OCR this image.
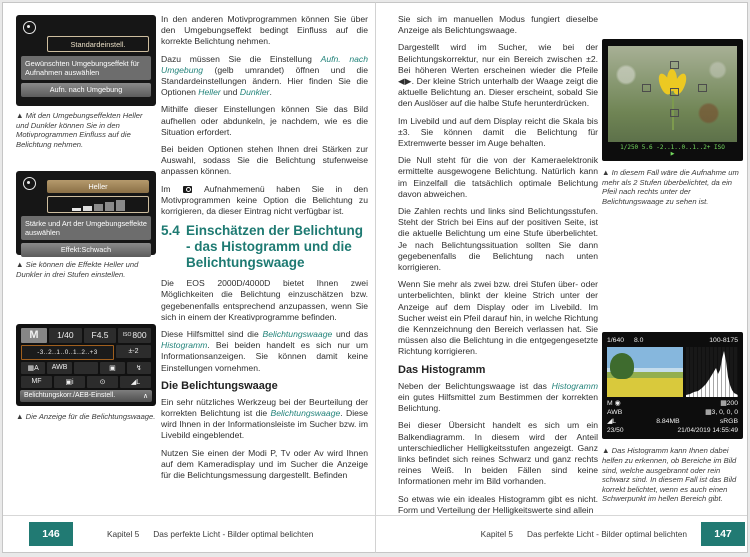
Standardeinstell.
Gewünschten Umgebungseffekt für Aufnahmen auswählen
Aufn. nach Umgebung

▲ Mit den Umgebungseffekten Heller und Dunkler können Sie in den Motivprogrammen Einfluss auf die Belichtung nehmen.

Heller
Stärke und Art der Umgebungseffekte auswählen
Effekt:Schwach

▲ Sie können die Effekte Heller und Dunkler in drei Stufen einstellen.

M	1/40	F4.5	ISO 800
-3..2..1..0..1..2..+3	± -2
▦A	AWB	▣	↯
MF	▣i	⊙	◢L
Belichtungskorr./AEB-Einstell.	∧

▲ Die Anzeige für die Belichtungswaage.

In den anderen Motivprogrammen können Sie über den Umgebungseffekt bedingt Einfluss auf die korrekte Belichtung nehmen.

Dazu müssen Sie die Einstellung Aufn. nach Umgebung (gelb umrandet) öffnen und die Standardeinstellungen ändern. Hier finden Sie die Optionen Heller und Dunkler.

Mithilfe dieser Einstellungen können Sie das Bild aufhellen oder abdunkeln, je nachdem, wie es die Situation erfordert.

Bei beiden Optionen stehen Ihnen drei Stärken zur Auswahl, sodass Sie die Belichtung stufenweise anpassen können.

Im  Aufnahmemenü haben Sie in den Motivprogrammen keine Option die Belichtung zu korrigieren, da dieser Eintrag nicht verfügbar ist.

5.4 Einschätzen der Belichtung - das Histogramm und die Belichtungswaage

Die EOS 2000D/4000D bietet Ihnen zwei Möglichkeiten die Belichtung einzuschätzen bzw. gegebenenfalls entsprechend anzupassen, wenn Sie sich in einem der Kreativprogramme befinden.

Diese Hilfsmittel sind die Belichtungswaage und das Histogramm. Bei beiden handelt es sich nur um Informationsanzeigen. Sie können damit keine Einstellungen vornehmen.

Die Belichtungswaage

Ein sehr nützliches Werkzeug bei der Beurteilung der korrekten Belichtung ist die Belichtungswaage. Diese wird Ihnen in der Informationsleiste im Sucher bzw. im Livebild eingeblendet.

Nutzen Sie einen der Modi P, Tv oder Av wird Ihnen auf dem Kameradisplay und im Sucher die Anzeige für die Belichtungsmessung dargestellt. Befinden

146	Kapitel 5 Das perfekte Licht - Bilder optimal belichten

Sie sich im manuellen Modus fungiert dieselbe Anzeige als Belichtungswaage.

Dargestellt wird im Sucher, wie bei der Belichtungskorrektur, nur ein Bereich zwischen ±2. Bei höheren Werten erscheinen wieder die Pfeile ◀▶. Der kleine Strich unterhalb der Waage zeigt die aktuelle Belichtung an. Dieser erscheint, sobald Sie den Auslöser auf die halbe Stufe herunterdrücken.

Im Livebild und auf dem Display reicht die Skala bis ±3. Sie können damit die Belichtung für Extremwerte besser im Auge behalten.

Die Null steht für die von der Kameraelektronik ermittelte ausgewogene Belichtung. Natürlich kann im Einzelfall die tatsächlich optimale Belichtung davon abweichen.

Die Zahlen rechts und links sind Belichtungsstufen. Steht der Strich bei Eins auf der positiven Seite, ist die aktuelle Belichtung um eine Stufe überbelichtet. Je nach Belichtungssituation sollten Sie dann gegebenenfalls die Belichtung nach unten korrigieren.

Wenn Sie mehr als zwei bzw. drei Stufen über- oder unterbelichten, blinkt der kleine Strich unter der Anzeige auf dem Display oder im Livebild. Im Sucher weist ein Pfeil darauf hin, in welche Richtung die Kennzeichnung den Bereich verlassen hat. Sie müssen also die Belichtung in die entgegengesetzte Richtung korrigieren.

Das Histogramm

Neben der Belichtungswaage ist das Histogramm ein gutes Hilfsmittel zum Bestimmen der korrekten Belichtung.

Bei dieser Übersicht handelt es sich um ein Balkendiagramm. In diesem wird der Anteil unterschiedlicher Helligkeitsstufen angezeigt. Ganz links befindet sich reines Schwarz und ganz rechts reines Weiß. In beiden Fällen sind keine Informationen mehr im Bild vorhanden.

So etwas wie ein ideales Histogramm gibt es nicht. Form und Verteilung der Helligkeitswerte sind allein

1/250 5.6 -2..1..0..1..2+ ISO
▶

▲ In diesem Fall wäre die Aufnahme um mehr als 2 Stufen überbelichtet, da ein Pfeil nach rechts unter der Belichtungswaage zu sehen ist.

1/640 8.0	100-8175
M ◉	▦200
AWB	▦3, 0, 0, 0
◢L	8.84MB	sRGB
23/50	21/04/2019 14:55:49

▲ Das Histogramm kann Ihnen dabei helfen zu erkennen, ob Bereiche im Bild sind, welche ausgebrannt oder rein schwarz sind. In diesem Fall ist das Bild korrekt belichtet, wenn es auch einen Schwerpunkt im hellen Bereich gibt.

Kapitel 5 Das perfekte Licht - Bilder optimal belichten	147
